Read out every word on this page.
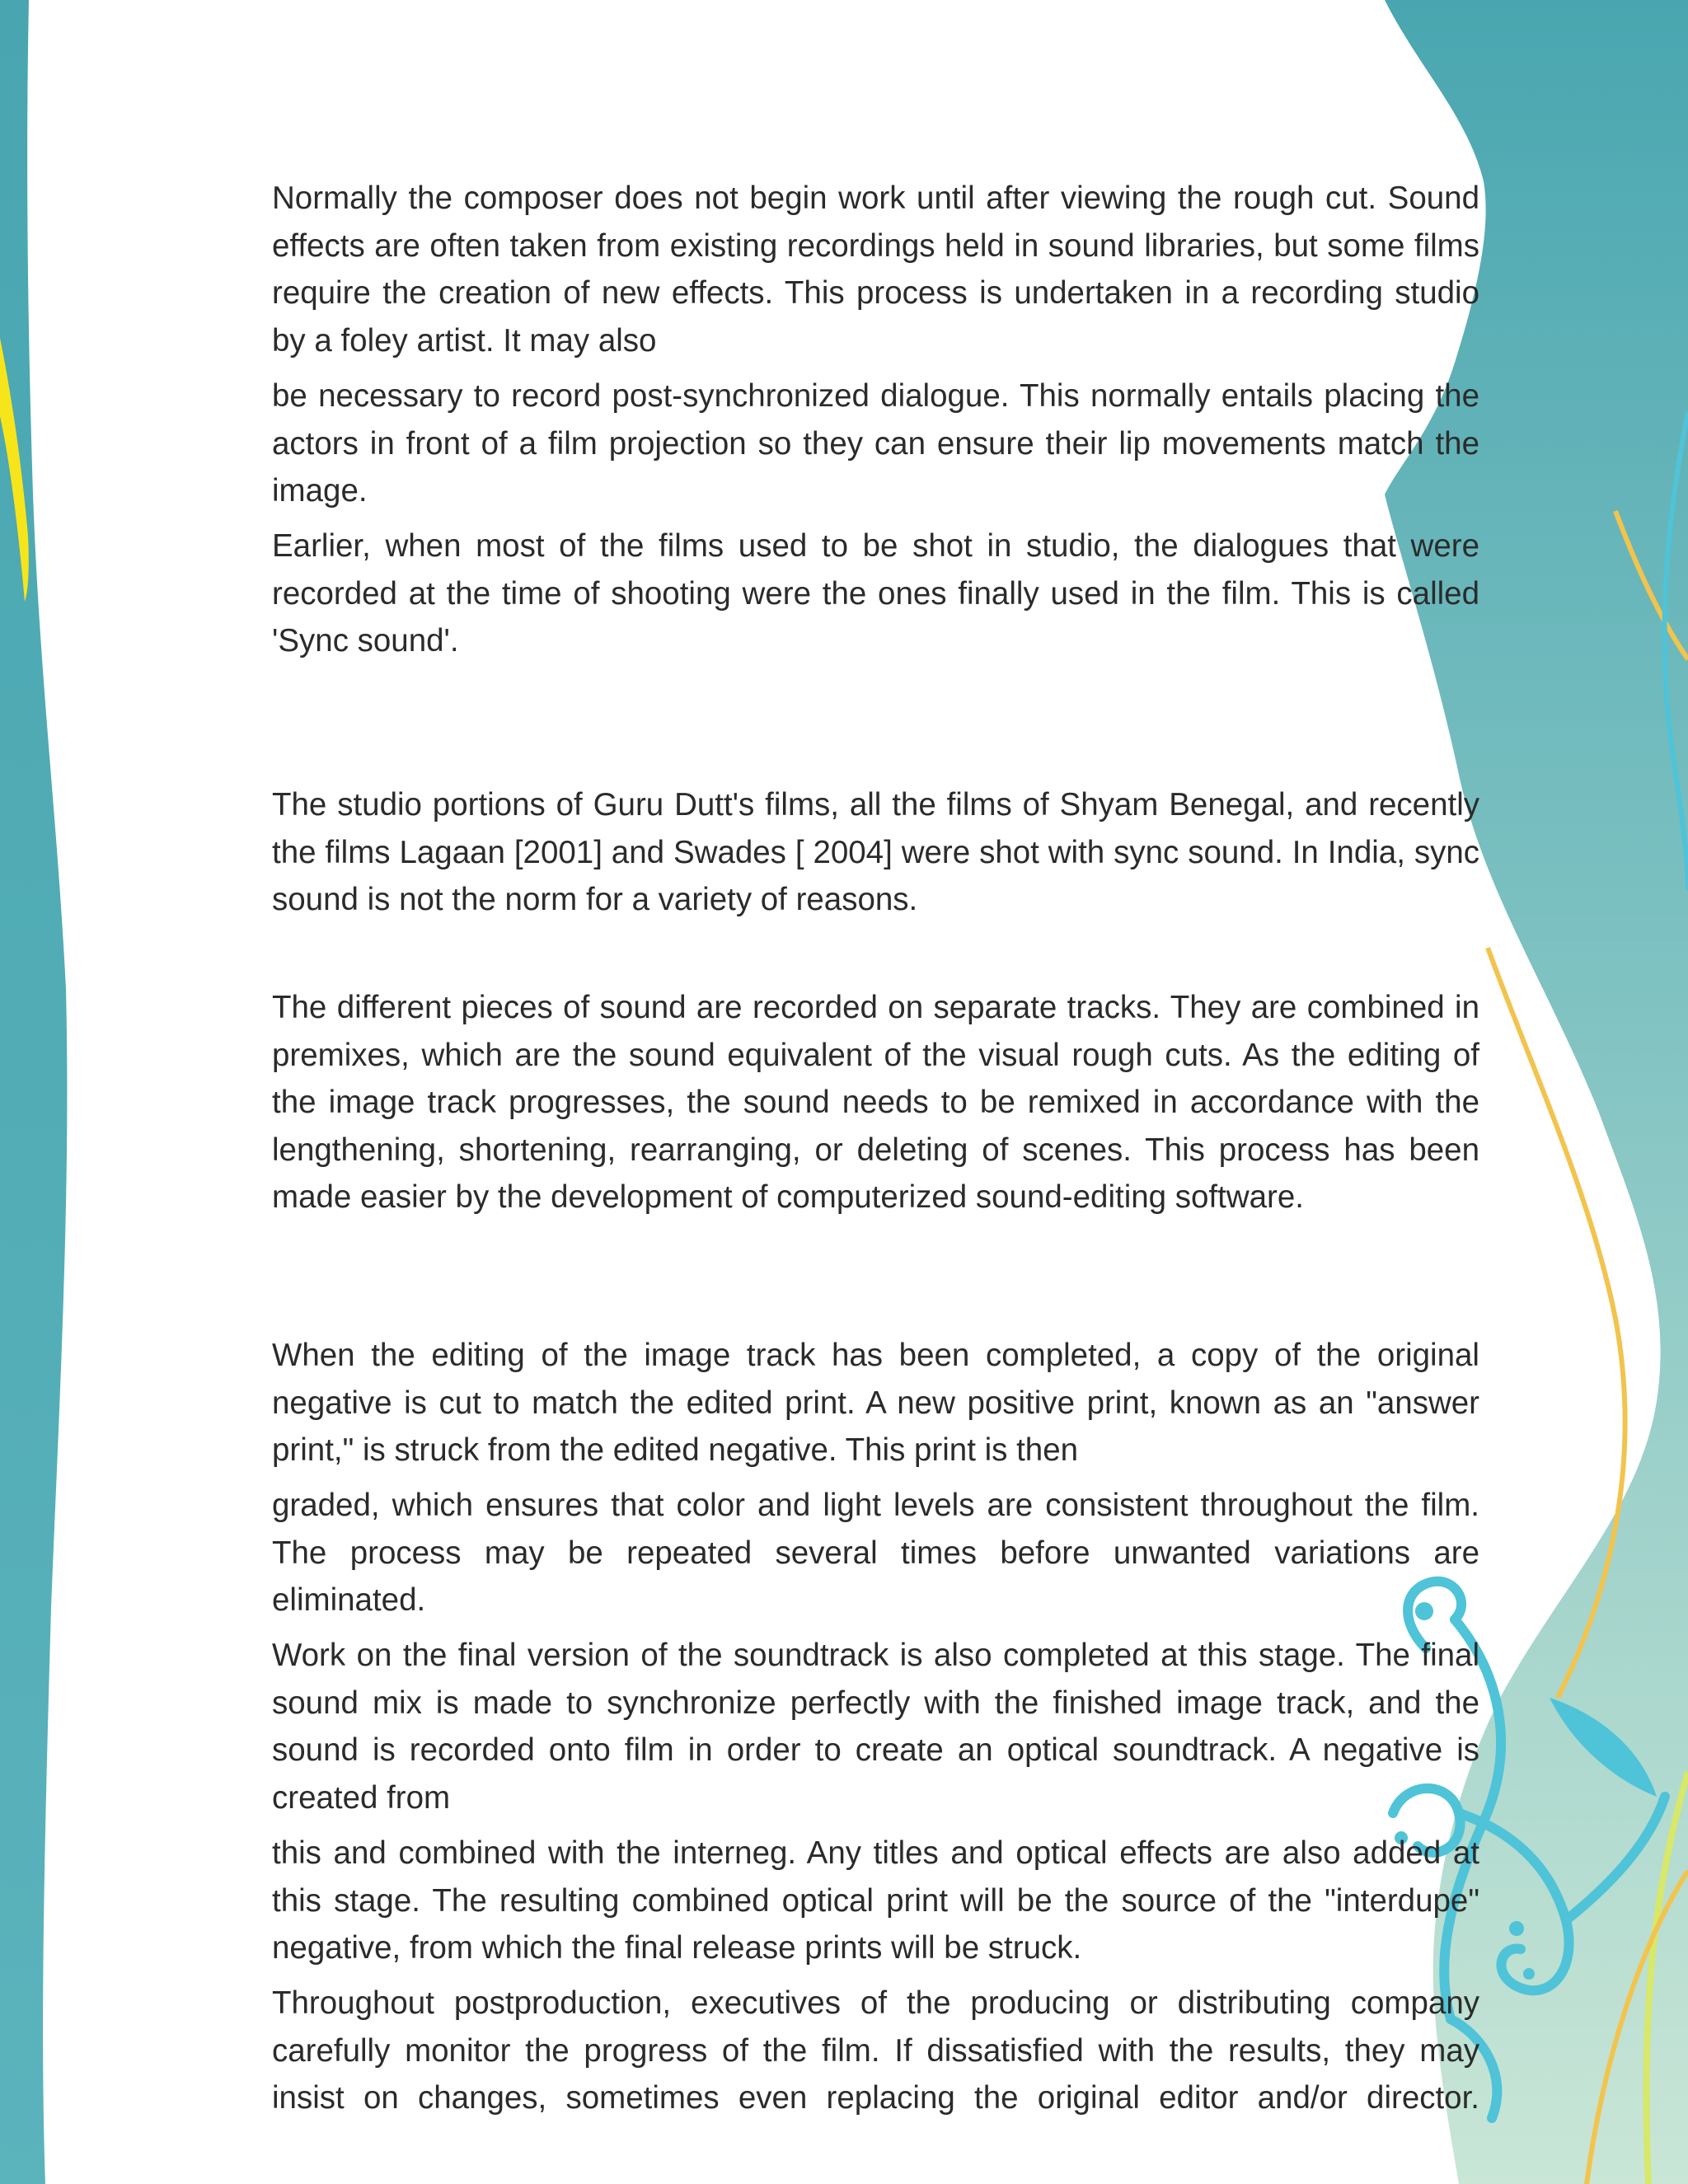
Normally the composer does not begin work until after viewing the rough cut. Sound effects are often taken from existing recordings held in sound libraries, but some films require the creation of new effects. This process is undertaken in a recording studio by a foley artist. It may also

be necessary to record post-synchronized dialogue. This normally entails placing the actors in front of a film projection so they can ensure their lip movements match the image.

Earlier, when most of the films used to be shot in studio, the dialogues that were recorded at the time of shooting were the ones finally used in the film. This is called 'Sync sound'.

The studio portions of Guru Dutt's films, all the films of Shyam Benegal, and recently the films Lagaan [2001] and Swades [ 2004] were shot with sync sound. In India, sync sound is not the norm for a variety of reasons.

The different pieces of sound are recorded on separate tracks. They are combined in premixes, which are the sound equivalent of the visual rough cuts. As the editing of the image track progresses, the sound needs to be remixed in accordance with the lengthening, shortening, rearranging, or deleting of scenes. This process has been made easier by the development of computerized sound-editing software.

When the editing of the image track has been completed, a copy of the original negative is cut to match the edited print. A new positive print, known as an "answer print," is struck from the edited negative. This print is then

graded, which ensures that color and light levels are consistent throughout the film. The process may be repeated several times before unwanted variations are eliminated.

Work on the final version of the soundtrack is also completed at this stage. The final sound mix is made to synchronize perfectly with the finished image track, and the sound is recorded onto film in order to create an optical soundtrack. A negative is created from

this and combined with the interneg. Any titles and optical effects are also added at this stage. The resulting combined optical print will be the source of the "interdupe" negative, from which the final release prints will be struck.

Throughout postproduction, executives of the producing or distributing company carefully monitor the progress of the film. If dissatisfied with the results, they may insist on changes, sometimes even replacing the original editor and/or director.
